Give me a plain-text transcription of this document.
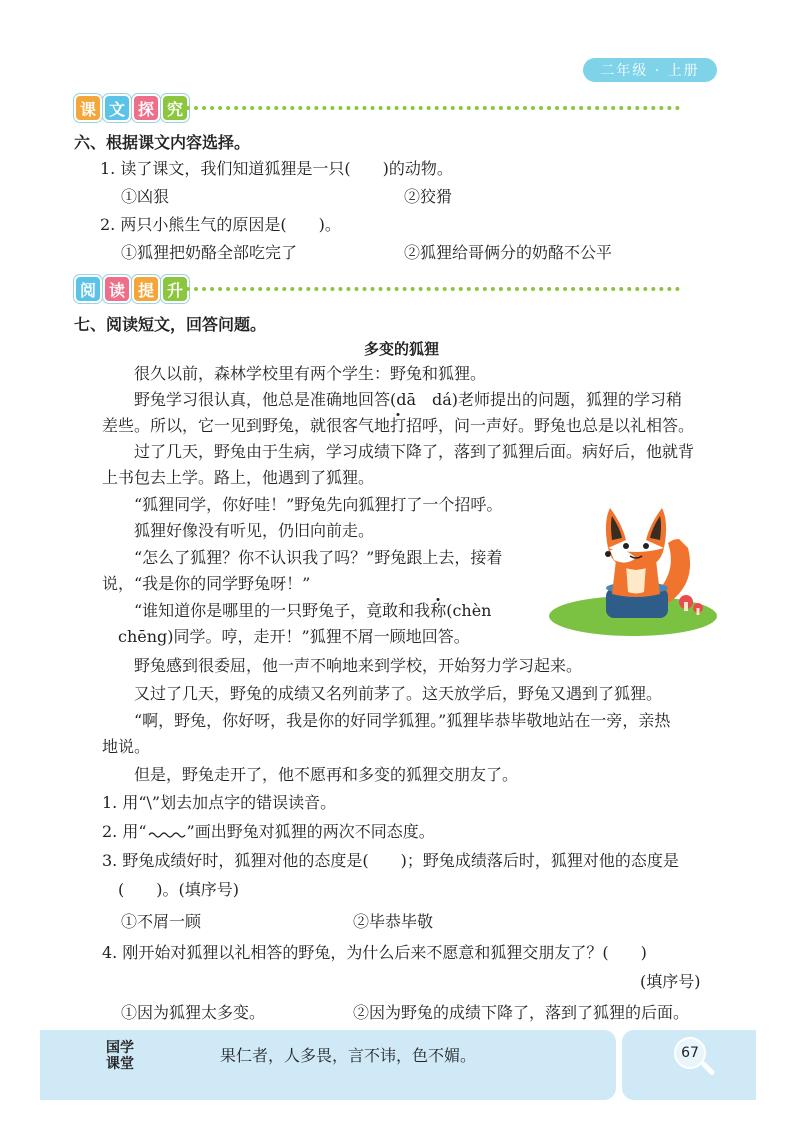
二年级 · 上册
课 文 探 究
六、根据课文内容选择。
1. 读了课文，我们知道狐狸是一只(　　)的动物。
①凶狠	②狡猾
2. 两只小熊生气的原因是(　　)。
①狐狸把奶酪全部吃完了	②狐狸给哥俩分的奶酪不公平
阅 读 提 升
七、阅读短文，回答问题。
多变的狐狸
很久以前，森林学校里有两个学生：野兔和狐狸。
野兔学习很认真，他总是准确地回答(dā　dá)老师提出的问题，狐狸的学习稍
差些。所以，它一见到野兔，就很客气地打招呼，问一声好。野兔也总是以礼相答。
过了几天，野兔由于生病，学习成绩下降了，落到了狐狸后面。病好后，他就背
上书包去上学。路上，他遇到了狐狸。
“狐狸同学，你好哇！”野兔先向狐狸打了一个招呼。
狐狸好像没有听见，仍旧向前走。
“怎么了狐狸？你不认识我了吗？”野兔跟上去，接着
说，“我是你的同学野兔呀！”
“谁知道你是哪里的一只野兔子，竟敢和我称(chèn
chēng)同学。哼，走开！”狐狸不屑一顾地回答。
野兔感到很委屈，他一声不响地来到学校，开始努力学习起来。
又过了几天，野兔的成绩又名列前茅了。这天放学后，野兔又遇到了狐狸。
“啊，野兔，你好呀，我是你的好同学狐狸。”狐狸毕恭毕敬地站在一旁，亲热
地说。
但是，野兔走开了，他不愿再和多变的狐狸交朋友了。
1. 用“\”划去加点字的错误读音。
2. 用“	”画出野兔对狐狸的两次不同态度。
3. 野兔成绩好时，狐狸对他的态度是(　　)；野兔成绩落后时，狐狸对他的态度是
(　　)。(填序号)
①不屑一顾	②毕恭毕敬
4. 刚开始对狐狸以礼相答的野兔，为什么后来不愿意和狐狸交朋友了？(　　)
(填序号)
①因为狐狸太多变。	②因为野兔的成绩下降了，落到了狐狸的后面。
国学
课堂	果仁者，人多畏，言不讳，色不媚。	67
